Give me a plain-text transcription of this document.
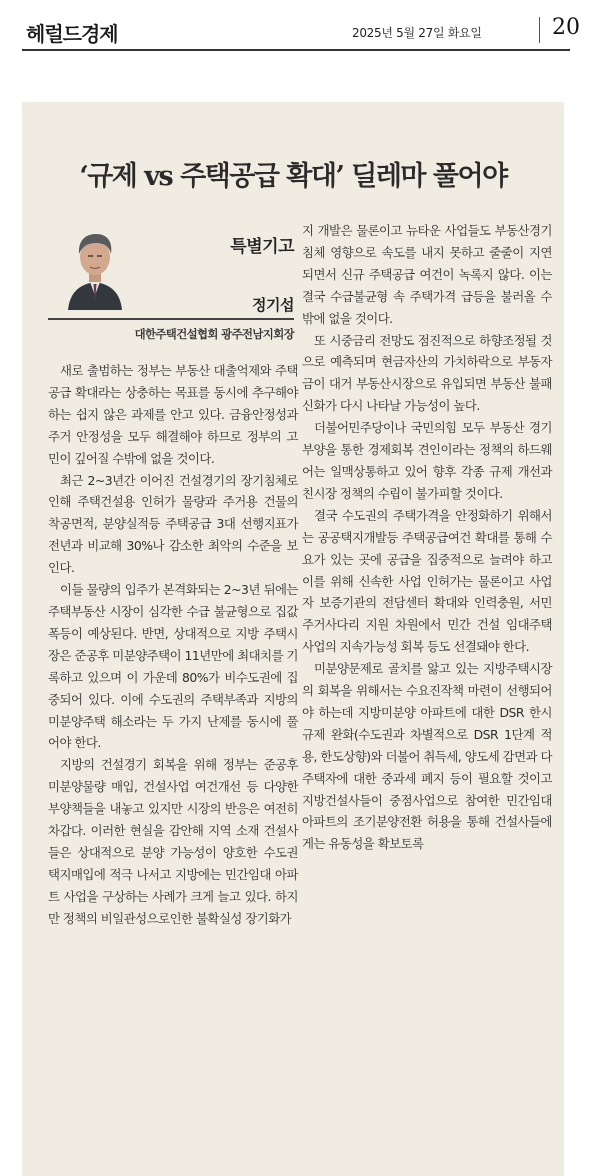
헤럴드경제	2025년 5월 27일 화요일	20
‘규제 vs 주택공급 확대’ 딜레마 풀어야
특별기고
정기섭
대한주택건설협회 광주전남지회장

새로 출범하는 정부는 부동산 대출억제와 주택공급 확대라는 상충하는 목표를 동시에 추구해야 하는 쉽지 않은 과제를 안고 있다. 금융안정성과 주거 안정성을 모두 해결해야 하므로 정부의 고민이 깊어질 수밖에 없을 것이다.

최근 2~3년간 이어진 건설경기의 장기침체로 인해 주택건설용 인허가 물량과 주거용 건물의 착공면적, 분양실적등 주택공급 3대 선행지표가 전년과 비교해 30%나 감소한 최악의 수준을 보인다.

이들 물량의 입주가 본격화되는 2~3년 뒤에는 주택부동산 시장이 심각한 수급 불균형으로 집값폭등이 예상된다. 반면, 상대적으로 지방 주택시장은 준공후 미분양주택이 11년만에 최대치를 기록하고 있으며 이 가운데 80%가 비수도권에 집중되어 있다. 이에 수도권의 주택부족과 지방의 미분양주택 해소라는 두 가지 난제를 동시에 풀어야 한다.

지방의 건설경기 회복을 위해 정부는 준공후 미분양물량 매입, 건설사업 여건개선 등 다양한 부양책들을 내놓고 있지만 시장의 반응은 여전히 차갑다. 이러한 현실을 감안해 지역 소재 건설사들은 상대적으로 분양 가능성이 양호한 수도권 택지매입에 적극 나서고 지방에는 민간임대 아파트 사업을 구상하는 사례가 크게 늘고 있다. 하지만 정책의 비일관성으로인한 불확실성 장기화가

지 개발은 물론이고 뉴타운 사업들도 부동산경기 침체 영향으로 속도를 내지 못하고 줄줄이 지연되면서 신규 주택공급 여건이 녹록지 않다. 이는 결국 수급불균형 속 주택가격 급등을 불러올 수밖에 없을 것이다.

또 시중금리 전망도 점진적으로 하향조정될 것으로 예측되며 현금자산의 가치하락으로 부동자금이 대거 부동산시장으로 유입되면 부동산 불패신화가 다시 나타날 가능성이 높다.

더불어민주당이나 국민의힘 모두 부동산 경기 부양을 통한 경제회복 견인이라는 정책의 하드웨어는 일맥상통하고 있어 향후 각종 규제 개선과 친시장 정책의 수립이 불가피할 것이다.

결국 수도권의 주택가격을 안정화하기 위해서는 공공택지개발등 주택공급여건 확대를 통해 수요가 있는 곳에 공급을 집중적으로 늘려야 하고 이를 위해 신속한 사업 인허가는 물론이고 사업자 보증기관의 전담센터 확대와 인력충원, 서민주거사다리 지원 차원에서 민간 건설 임대주택 사업의 지속가능성 회복 등도 선결돼야 한다.

미분양문제로 골치를 앓고 있는 지방주택시장의 회복을 위해서는 수요진작책 마련이 선행되어야 하는데 지방미분양 아파트에 대한 DSR 한시규제 완화(수도권과 차별적으로 DSR 1단계 적용, 한도상향)와 더불어 취득세, 양도세 감면과 다주택자에 대한 중과세 폐지 등이 필요할 것이고 지방건설사들이 중점사업으로 참여한 민간임대 아파트의 조기분양전환 허용을 통해 건설사들에게는 유동성을 확보토록
